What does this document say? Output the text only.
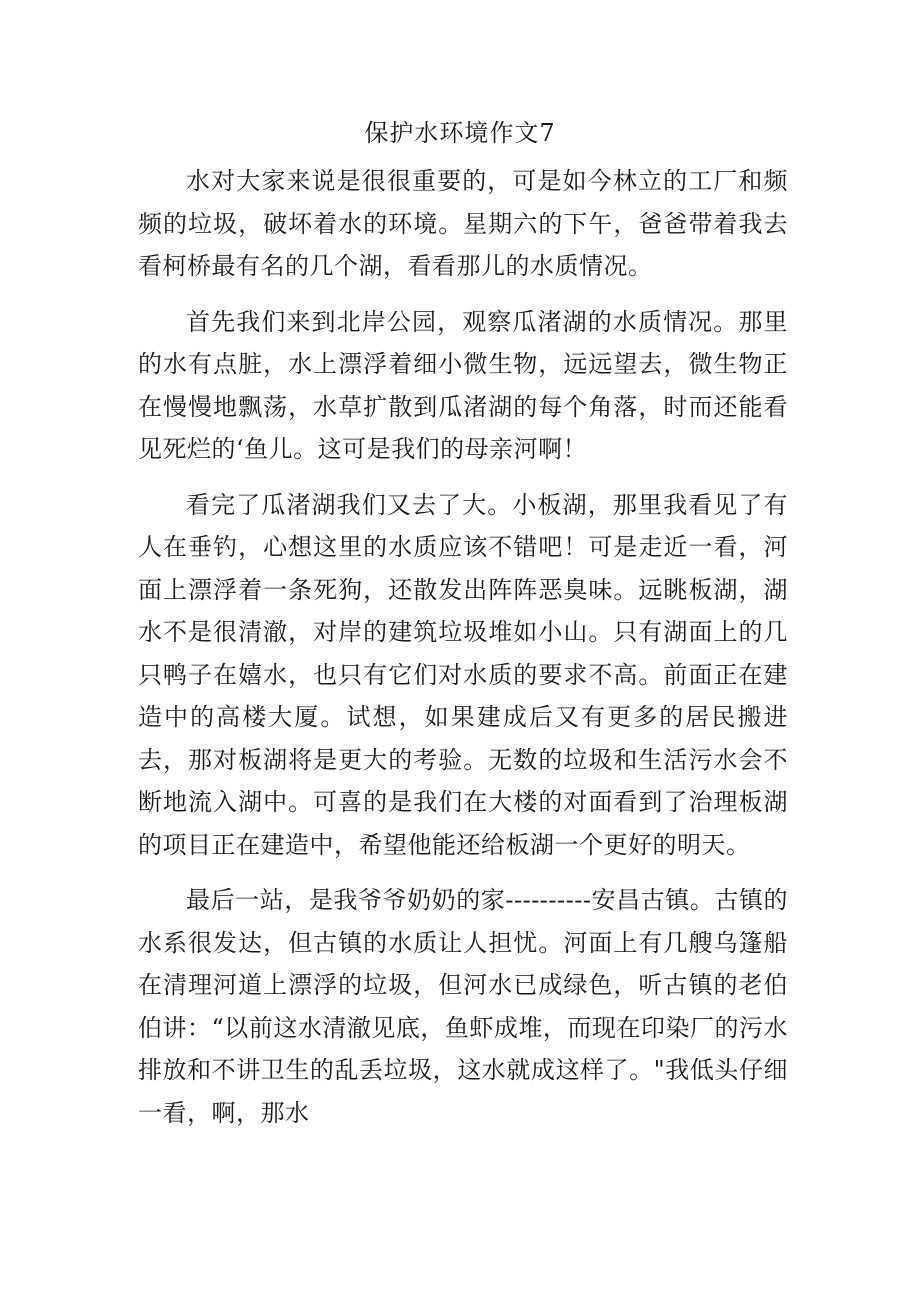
保护水环境作文7

水对大家来说是很很重要的，可是如今林立的工厂和频频的垃圾，破坏着水的环境。星期六的下午，爸爸带着我去看柯桥最有名的几个湖，看看那儿的水质情况。

首先我们来到北岸公园，观察瓜渚湖的水质情况。那里的水有点脏，水上漂浮着细小微生物，远远望去，微生物正在慢慢地飘荡，水草扩散到瓜渚湖的每个角落，时而还能看见死烂的‘鱼儿。这可是我们的母亲河啊！

看完了瓜渚湖我们又去了大。小板湖，那里我看见了有人在垂钓，心想这里的水质应该不错吧！可是走近一看，河面上漂浮着一条死狗，还散发出阵阵恶臭味。远眺板湖，湖水不是很清澈，对岸的建筑垃圾堆如小山。只有湖面上的几只鸭子在嬉水，也只有它们对水质的要求不高。前面正在建造中的高楼大厦。试想，如果建成后又有更多的居民搬进去，那对板湖将是更大的考验。无数的垃圾和生活污水会不断地流入湖中。可喜的是我们在大楼的对面看到了治理板湖的项目正在建造中，希望他能还给板湖一个更好的明天。

最后一站，是我爷爷奶奶的家----------安昌古镇。古镇的水系很发达，但古镇的水质让人担忧。河面上有几艘乌篷船在清理河道上漂浮的垃圾，但河水已成绿色，听古镇的老伯伯讲：“以前这水清澈见底，鱼虾成堆，而现在印染厂的污水排放和不讲卫生的乱丢垃圾，这水就成这样了。"我低头仔细一看，啊，那水
